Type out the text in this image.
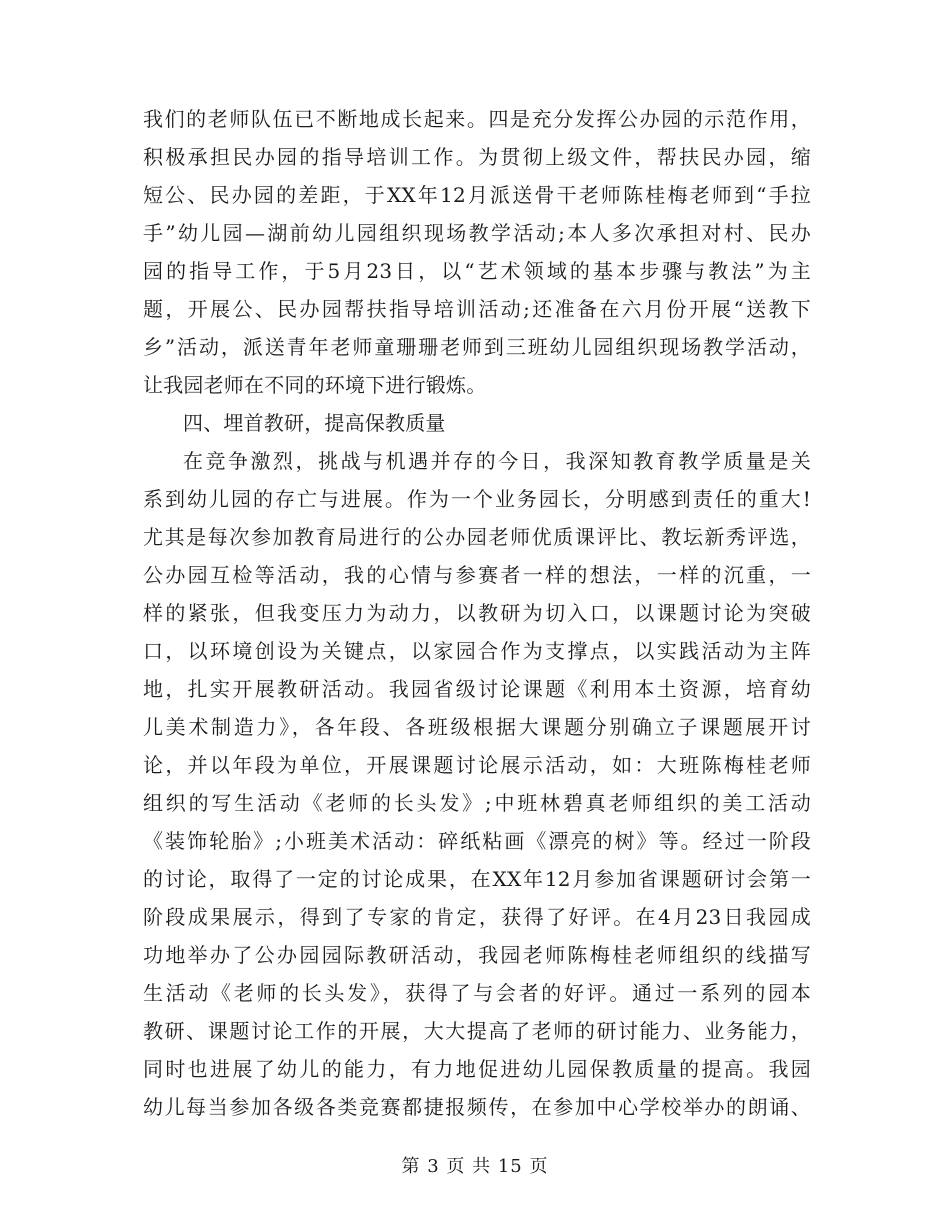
我们的老师队伍已不断地成长起来。四是充分发挥公办园的示范作用，
积极承担民办园的指导培训工作。为贯彻上级文件，帮扶民办园，缩
短公、民办园的差距，于XX年12月派送骨干老师陈桂梅老师到“手拉
手”幼儿园—湖前幼儿园组织现场教学活动;本人多次承担对村、民办
园的指导工作，于5月23日，以“艺术领域的基本步骤与教法”为主
题，开展公、民办园帮扶指导培训活动;还准备在六月份开展“送教下
乡”活动，派送青年老师童珊珊老师到三班幼儿园组织现场教学活动，
让我园老师在不同的环境下进行锻炼。
四、埋首教研，提高保教质量
在竞争激烈，挑战与机遇并存的今日，我深知教育教学质量是关
系到幼儿园的存亡与进展。作为一个业务园长，分明感到责任的重大!
尤其是每次参加教育局进行的公办园老师优质课评比、教坛新秀评选，
公办园互检等活动，我的心情与参赛者一样的想法，一样的沉重，一
样的紧张，但我变压力为动力，以教研为切入口，以课题讨论为突破
口，以环境创设为关键点，以家园合作为支撑点，以实践活动为主阵
地，扎实开展教研活动。我园省级讨论课题《利用本土资源，培育幼
儿美术制造力》，各年段、各班级根据大课题分别确立子课题展开讨
论，并以年段为单位，开展课题讨论展示活动，如：大班陈梅桂老师
组织的写生活动《老师的长头发》;中班林碧真老师组织的美工活动
《装饰轮胎》;小班美术活动：碎纸粘画《漂亮的树》等。经过一阶段
的讨论，取得了一定的讨论成果，在XX年12月参加省课题研讨会第一
阶段成果展示，得到了专家的肯定，获得了好评。在4月23日我园成
功地举办了公办园园际教研活动，我园老师陈梅桂老师组织的线描写
生活动《老师的长头发》，获得了与会者的好评。通过一系列的园本
教研、课题讨论工作的开展，大大提高了老师的研讨能力、业务能力，
同时也进展了幼儿的能力，有力地促进幼儿园保教质量的提高。我园
幼儿每当参加各级各类竞赛都捷报频传，在参加中心学校举办的朗诵、
第 3 页 共 15 页
